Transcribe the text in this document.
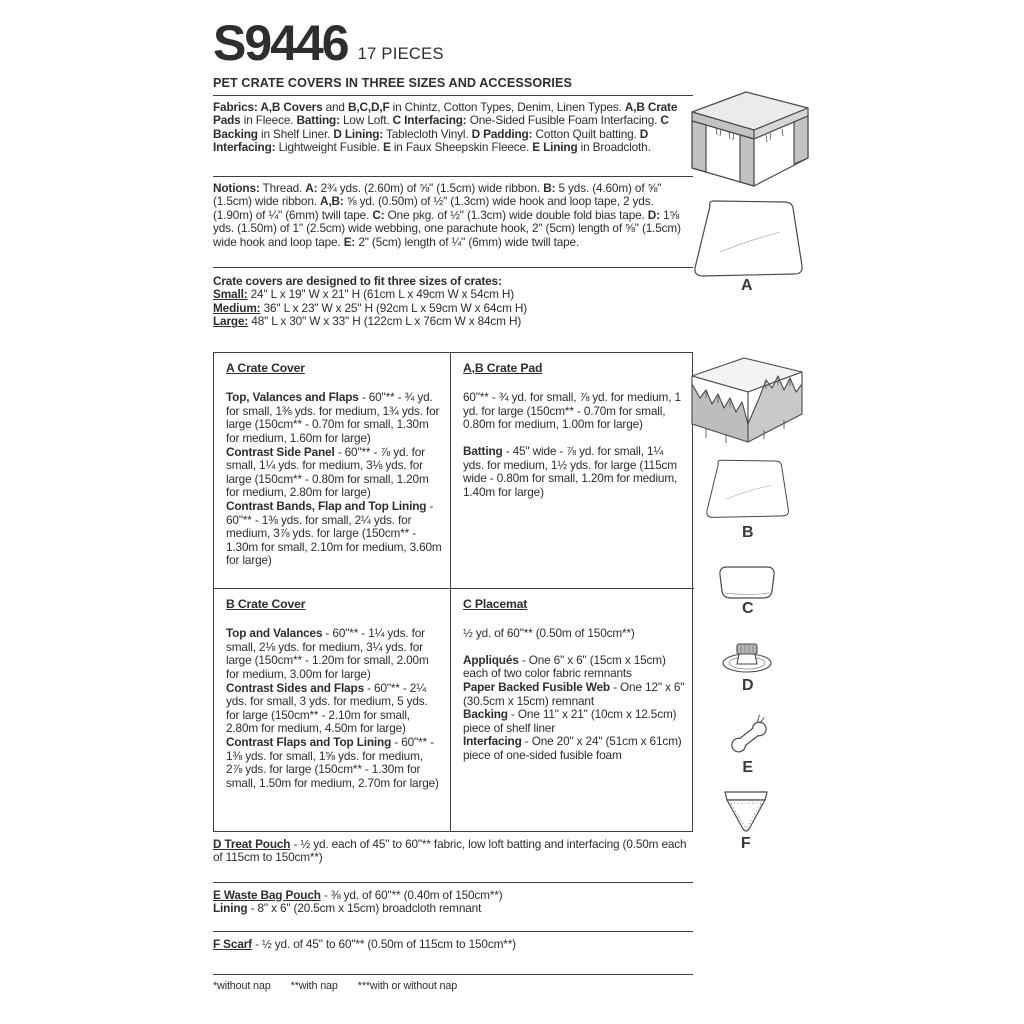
S9446 17 PIECES
PET CRATE COVERS IN THREE SIZES AND ACCESSORIES
Fabrics: A,B Covers and B,C,D,F in Chintz, Cotton Types, Denim, Linen Types. A,B Crate Pads in Fleece. Batting: Low Loft. C Interfacing: One-Sided Fusible Foam Interfacing. C Backing in Shelf Liner. D Lining: Tablecloth Vinyl. D Padding: Cotton Quilt batting. D Interfacing: Lightweight Fusible. E in Faux Sheepskin Fleece. E Lining in Broadcloth.
Notions: Thread. A: 2¾ yds. (2.60m) of ⅝" (1.5cm) wide ribbon. B: 5 yds. (4.60m) of ⅝" (1.5cm) wide ribbon. A,B: ⅝ yd. (0.50m) of ½" (1.3cm) wide hook and loop tape, 2 yds. (1.90m) of ¼" (6mm) twill tape. C: One pkg. of ½" (1.3cm) wide double fold bias tape. D: 1⅝ yds. (1.50m) of 1" (2.5cm) wide webbing, one parachute hook, 2" (5cm) length of ⅝" (1.5cm) wide hook and loop tape. E: 2" (5cm) length of ¼" (6mm) wide twill tape.
Crate covers are designed to fit three sizes of crates:
Small: 24" L x 19" W x 21" H (61cm L x 49cm W x 54cm H)
Medium: 36" L x 23" W x 25" H (92cm L x 59cm W x 64cm H)
Large: 48" L x 30" W x 33" H (122cm L x 76cm W x 84cm H)
A Crate Cover

Top, Valances and Flaps - 60"** - ¾ yd. for small, 1⅜ yds. for medium, 1¾ yds. for large (150cm** - 0.70m for small, 1.30m for medium, 1.60m for large)

Contrast Side Panel - 60"** - ⅞ yd. for small, 1¼ yds. for medium, 3⅛ yds. for large (150cm** - 0.80m for small, 1.20m for medium, 2.80m for large)

Contrast Bands, Flap and Top Lining - 60"** - 1⅜ yds. for small, 2¼ yds. for medium, 3⅞ yds. for large (150cm** - 1.30m for small, 2.10m for medium, 3.60m for large)

A,B Crate Pad

60"** - ¾ yd. for small, ⅞ yd. for medium, 1 yd. for large (150cm** - 0.70m for small, 0.80m for medium, 1.00m for large)

Batting - 45" wide - ⅞ yd. for small, 1¼ yds. for medium, 1½ yds. for large (115cm wide - 0.80m for small, 1.20m for medium, 1.40m for large)

B Crate Cover

Top and Valances - 60"** - 1¼ yds. for small, 2⅛ yds. for medium, 3¼ yds. for large (150cm** - 1.20m for small, 2.00m for medium, 3.00m for large)

Contrast Sides and Flaps - 60"** - 2¼ yds. for small, 3 yds. for medium, 5 yds. for large (150cm** - 2.10m for small, 2.80m for medium, 4.50m for large)

Contrast Flaps and Top Lining - 60"** - 1⅜ yds. for small, 1⅝ yds. for medium, 2⅞ yds. for large (150cm** - 1.30m for small, 1.50m for medium, 2.70m for large)

C Placemat

½ yd. of 60"** (0.50m of 150cm**)

Appliqués - One 6" x 6" (15cm x 15cm) each of two color fabric remnants

Paper Backed Fusible Web - One 12" x 6" (30.5cm x 15cm) remnant

Backing - One 11" x 21" (10cm x 12.5cm) piece of shelf liner

Interfacing - One 20" x 24" (51cm x 61cm) piece of one-sided fusible foam

D Treat Pouch - ½ yd. each of 45" to 60"** fabric, low loft batting and interfacing (0.50m each of 115cm to 150cm**)

E Waste Bag Pouch - ⅜ yd. of 60"** (0.40m of 150cm**)

Lining - 8" x 6" (20.5cm x 15cm) broadcloth remnant

F Scarf - ½ yd. of 45" to 60"** (0.50m of 115cm to 150cm**)

*without nap **with nap ***with or without nap
A
B
C
D
E
F
